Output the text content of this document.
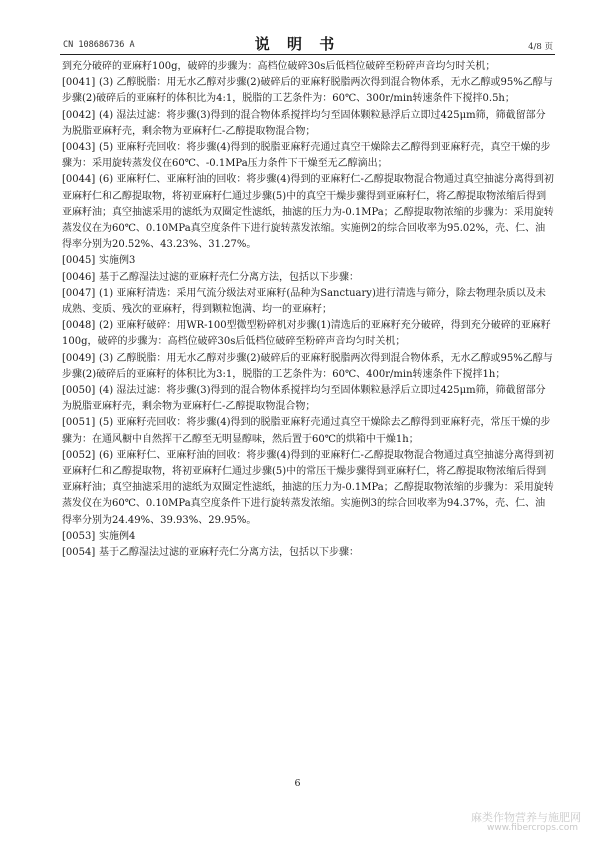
CN 108686736 A	说 明 书	4/8 页

到充分破碎的亚麻籽100g，破碎的步骤为：高档位破碎30s后低档位破碎至粉碎声音均匀时关机；

[0041] (3) 乙醇脱脂：用无水乙醇对步骤(2)破碎后的亚麻籽脱脂两次得到混合物体系，无水乙醇或95%乙醇与步骤(2)破碎后的亚麻籽的体积比为4:1，脱脂的工艺条件为：60℃、300r/min转速条件下搅拌0.5h；

[0042] (4) 湿法过滤：将步骤(3)得到的混合物体系搅拌均匀至固体颗粒悬浮后立即过425μm筛，筛截留部分为脱脂亚麻籽壳，剩余物为亚麻籽仁-乙醇提取物混合物；

[0043] (5) 亚麻籽壳回收：将步骤(4)得到的脱脂亚麻籽壳通过真空干燥除去乙醇得到亚麻籽壳，真空干燥的步骤为：采用旋转蒸发仪在60℃、-0.1MPa压力条件下干燥至无乙醇滴出；

[0044] (6) 亚麻籽仁、亚麻籽油的回收：将步骤(4)得到的亚麻籽仁-乙醇提取物混合物通过真空抽滤分离得到初亚麻籽仁和乙醇提取物，将初亚麻籽仁通过步骤(5)中的真空干燥步骤得到亚麻籽仁，将乙醇提取物浓缩后得到亚麻籽油；真空抽滤采用的滤纸为双圈定性滤纸，抽滤的压力为-0.1MPa；乙醇提取物浓缩的步骤为：采用旋转蒸发仪在为60℃、0.10MPa真空度条件下进行旋转蒸发浓缩。实施例2的综合回收率为95.02%，壳、仁、油得率分别为20.52%、43.23%、31.27%。

[0045] 实施例3

[0046] 基于乙醇湿法过滤的亚麻籽壳仁分离方法，包括以下步骤：

[0047] (1) 亚麻籽清选：采用气流分级法对亚麻籽(品种为Sanctuary)进行清选与筛分，除去物理杂质以及未成熟、变质、残次的亚麻籽，得到颗粒饱满、均一的亚麻籽；

[0048] (2) 亚麻籽破碎：用WR-100型微型粉碎机对步骤(1)清选后的亚麻籽充分破碎，得到充分破碎的亚麻籽100g，破碎的步骤为：高档位破碎30s后低档位破碎至粉碎声音均匀时关机；

[0049] (3) 乙醇脱脂：用无水乙醇对步骤(2)破碎后的亚麻籽脱脂两次得到混合物体系，无水乙醇或95%乙醇与步骤(2)破碎后的亚麻籽的体积比为3:1，脱脂的工艺条件为：60℃、400r/min转速条件下搅拌1h；

[0050] (4) 湿法过滤：将步骤(3)得到的混合物体系搅拌均匀至固体颗粒悬浮后立即过425μm筛，筛截留部分为脱脂亚麻籽壳，剩余物为亚麻籽仁-乙醇提取物混合物；

[0051] (5) 亚麻籽壳回收：将步骤(4)得到的脱脂亚麻籽壳通过真空干燥除去乙醇得到亚麻籽壳，常压干燥的步骤为：在通风橱中自然挥干乙醇至无明显醇味，然后置于60℃的烘箱中干燥1h；

[0052] (6) 亚麻籽仁、亚麻籽油的回收：将步骤(4)得到的亚麻籽仁-乙醇提取物混合物通过真空抽滤分离得到初亚麻籽仁和乙醇提取物，将初亚麻籽仁通过步骤(5)中的常压干燥步骤得到亚麻籽仁，将乙醇提取物浓缩后得到亚麻籽油；真空抽滤采用的滤纸为双圈定性滤纸，抽滤的压力为-0.1MPa；乙醇提取物浓缩的步骤为：采用旋转蒸发仪在为60℃、0.10MPa真空度条件下进行旋转蒸发浓缩。实施例3的综合回收率为94.37%，壳、仁、油得率分别为24.49%、39.93%、29.95%。

[0053] 实施例4

[0054] 基于乙醇湿法过滤的亚麻籽壳仁分离方法，包括以下步骤：

6
麻类作物营养与施肥网
www.fibercrops.com
